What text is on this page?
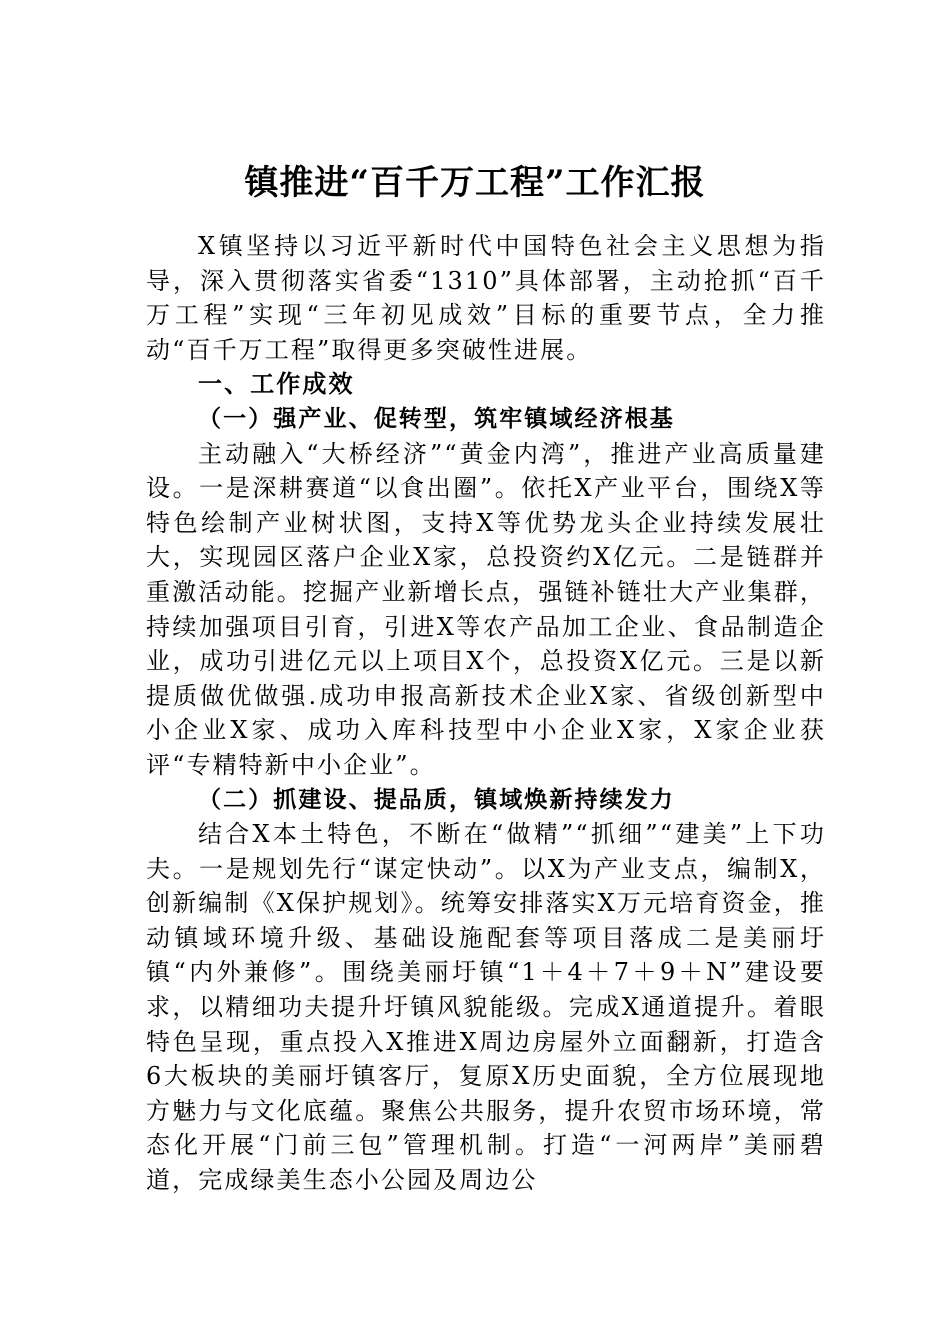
镇推进“百千万工程”工作汇报

X镇坚持以习近平新时代中国特色社会主义思想为指导，深入贯彻落实省委“1310”具体部署，主动抢抓“百千万工程”实现“三年初见成效”目标的重要节点，全力推动“百千万工程”取得更多突破性进展。

一、工作成效

（一）强产业、促转型，筑牢镇域经济根基

主动融入“大桥经济”“黄金内湾”，推进产业高质量建设。一是深耕赛道“以食出圈”。依托X产业平台，围绕X等特色绘制产业树状图，支持X等优势龙头企业持续发展壮大，实现园区落户企业X家，总投资约X亿元。二是链群并重激活动能。挖掘产业新增长点，强链补链壮大产业集群，持续加强项目引育，引进X等农产品加工企业、食品制造企业，成功引进亿元以上项目X个，总投资X亿元。三是以新提质做优做强.成功申报高新技术企业X家、省级创新型中小企业X家、成功入库科技型中小企业X家，X家企业获评“专精特新中小企业”。

（二）抓建设、提品质，镇域焕新持续发力

结合X本土特色，不断在“做精”“抓细”“建美”上下功夫。一是规划先行“谋定快动”。以X为产业支点，编制X，创新编制《X保护规划》。统筹安排落实X万元培育资金，推动镇域环境升级、基础设施配套等项目落成二是美丽圩镇“内外兼修”。围绕美丽圩镇“1＋4＋7＋9＋N”建设要求，以精细功夫提升圩镇风貌能级。完成X通道提升。着眼特色呈现，重点投入X推进X周边房屋外立面翻新，打造含6大板块的美丽圩镇客厅，复原X历史面貌，全方位展现地方魅力与文化底蕴。聚焦公共服务，提升农贸市场环境，常态化开展“门前三包”管理机制。打造“一河两岸”美丽碧道，完成绿美生态小公园及周边公
